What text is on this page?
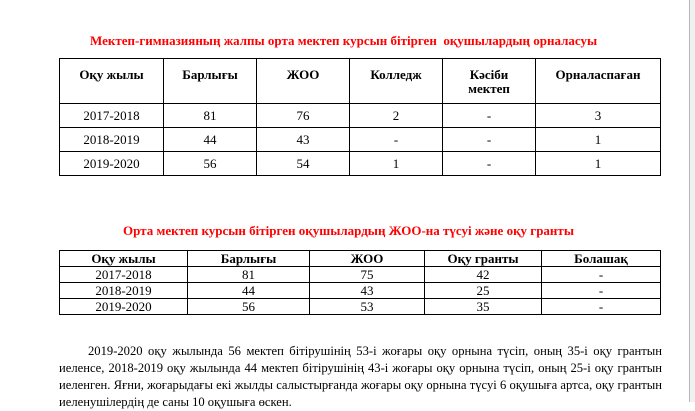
Мектеп-гимназияның жалпы орта мектеп курсын бітірген  оқушылардың орналасуы
Оқу жылы	Барлығы	ЖОО	Колледж	Кәсіби мектеп	Орналаспаған
2017-2018	81	76	2	-	3
2018-2019	44	43	-	-	1
2019-2020	56	54	1	-	1
Орта мектеп курсын бітірген оқушылардың ЖОО-на түсуі және оқу гранты
Оқу жылы	Барлығы	ЖОО	Оқу гранты	Болашақ
2017-2018	81	75	42	-
2018-2019	44	43	25	-
2019-2020	56	53	35	-

2019-2020 оқу жылында 56 мектеп бітірушінің 53-і жоғары оқу орнына түсіп, оның 35-і оқу грантын иеленсе, 2018-2019 оқу жылында 44 мектеп бітірушінің 43-і жоғары оқу орнына түсіп, оның 25-і оқу грантын иеленген. Яғни, жоғарыдағы екі жылды салыстырғанда жоғары оқу орнына түсуі 6 оқушыға артса, оқу грантын иеленушілердің де саны 10 оқушыға өскен.
